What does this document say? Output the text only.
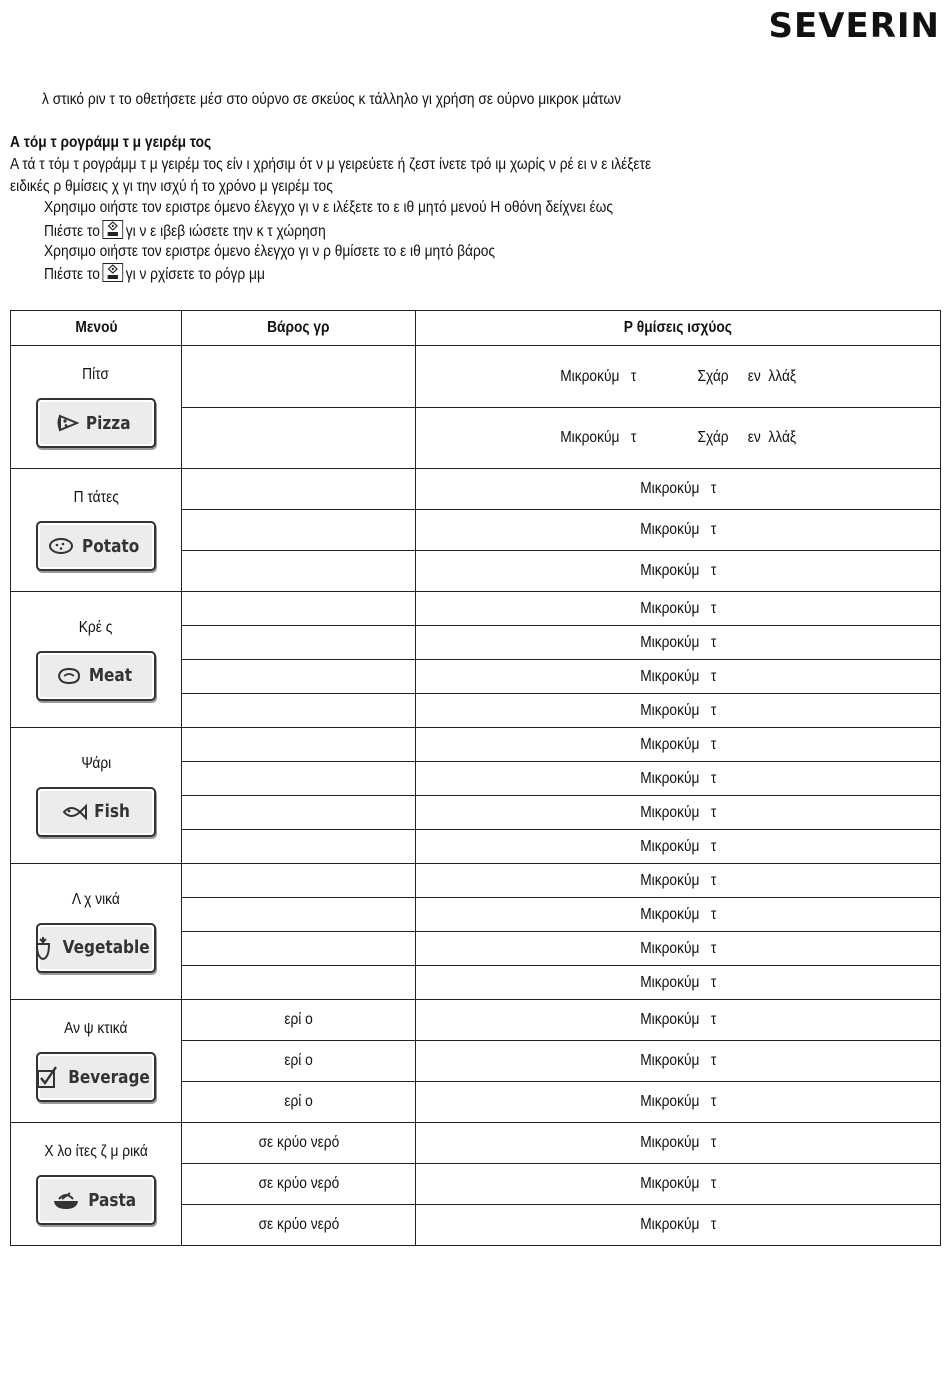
SEVERIN
λ στικό ριν τ το οθετήσετε μέσ στο ούρνο σε σκεύος κ τάλληλο γι χρήση σε ούρνο μικροκ μάτων
Α τόμ τ ρογράμμ τ μ γειρέμ τος
Α τά τ τόμ τ ρογράμμ τ μ γειρέμ τος είν ι χρήσιμ ότ ν μ γειρεύετε ή ζεστ ίνετε τρό ιμ χωρίς ν ρέ ει ν ε ιλέξετε
ειδικές ρ θμίσεις χ γι την ισχύ ή το χρόνο μ γειρέμ τος
Χρησιμο οιήστε τον εριστρε όμενο έλεγχο γι ν ε ιλέξετε το ε ιθ μητό μενού Η οθόνη δείχνει έως
Πιέστε το γι ν ε ιβεβ ιώσετε την κ τ χώρηση
Χρησιμο οιήστε τον εριστρε όμενο έλεγχο γι ν ρ θμίσετε το ε ιθ μητό βάρος
Πιέστε το γι ν ρχίσετε το ρόγρ μμ
Μενού	Βάρος γρ	Ρ θμίσεις ισχύος

Πίτσ
Pizza		Μικροκύμ   τ                Σχάρ     εν  λλάξ
		Μικροκύμ   τ                Σχάρ     εν  λλάξ

Π τάτες
Potato		Μικροκύμ   τ
		Μικροκύμ   τ
		Μικροκύμ   τ

Κρέ ς
Meat		Μικροκύμ   τ
		Μικροκύμ   τ
		Μικροκύμ   τ
		Μικροκύμ   τ

Ψάρι
Fish		Μικροκύμ   τ
		Μικροκύμ   τ
		Μικροκύμ   τ
		Μικροκύμ   τ

Λ χ νικά
Vegetable		Μικροκύμ   τ
		Μικροκύμ   τ
		Μικροκύμ   τ
		Μικροκύμ   τ

Αν ψ κτικά
Beverage	ερί ο	Μικροκύμ   τ
	ερί ο	Μικροκύμ   τ
	ερί ο	Μικροκύμ   τ

Χ λο ίτες ζ μ ρικά
Pasta	σε κρύο νερό	Μικροκύμ   τ
	σε κρύο νερό	Μικροκύμ   τ
	σε κρύο νερό	Μικροκύμ   τ
